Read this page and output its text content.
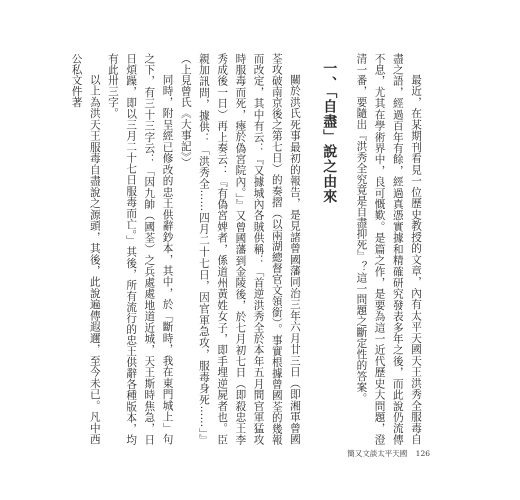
最近，在某期刊看見一位歷史教授的文章，內有太平天國天王洪秀全服毒自盡之語，經過百年有餘，經過真憑實據和精確研究發表多年之後，而此說仍流傳不息，尤其在學術界中，良可慨歎。是篇之作，是要為這一近代歷史大問題，澄清一番，要隨出『洪秀全究竟是自盡抑死』？這一問題之斷定性的答案。

一、「自盡」說之由來

關於洪氏死事最初的報告，是見諸曾國藩同治三年六月廿三日（即湘軍曾國荃攻破南京後之第七日）的奏摺（以兩湖總督官文領銜）。事實根據曾國荃的幾報而改定，其中有云：『又據城內各賊供稱：「首逆洪秀全於本年五月間官軍猛攻時服毒而死，瘞於偽宮院內。」』又曾國藩到金陵後，於七月初七日（即殺忠王李秀成後一日）再上奏云：『有偽宮婢者，係道州黃姓女子，即手埋逆屍者也。臣親加訊問，據供：「洪秀全……四月二十七日，因官軍急攻，服毒身死……」』（上見曾氏《大事記》）

同時，附呈經已修改的忠王供辭鈔本，其中，於「斷時，我在東門城上」句之下，有三十三字云：「因九帥（國荃）之兵處處地道近城，天王斯時焦急，日日煩躁，即以三月二十七日服毒而亡。」其後，所有流行的忠王供辭各種版本，均有此卅三字。

以上為洪天王服毒自盡說之源頭，其後，此說遍傳遐邇，至今未已。凡中西公私文件著

簡又文談太平天國 126
